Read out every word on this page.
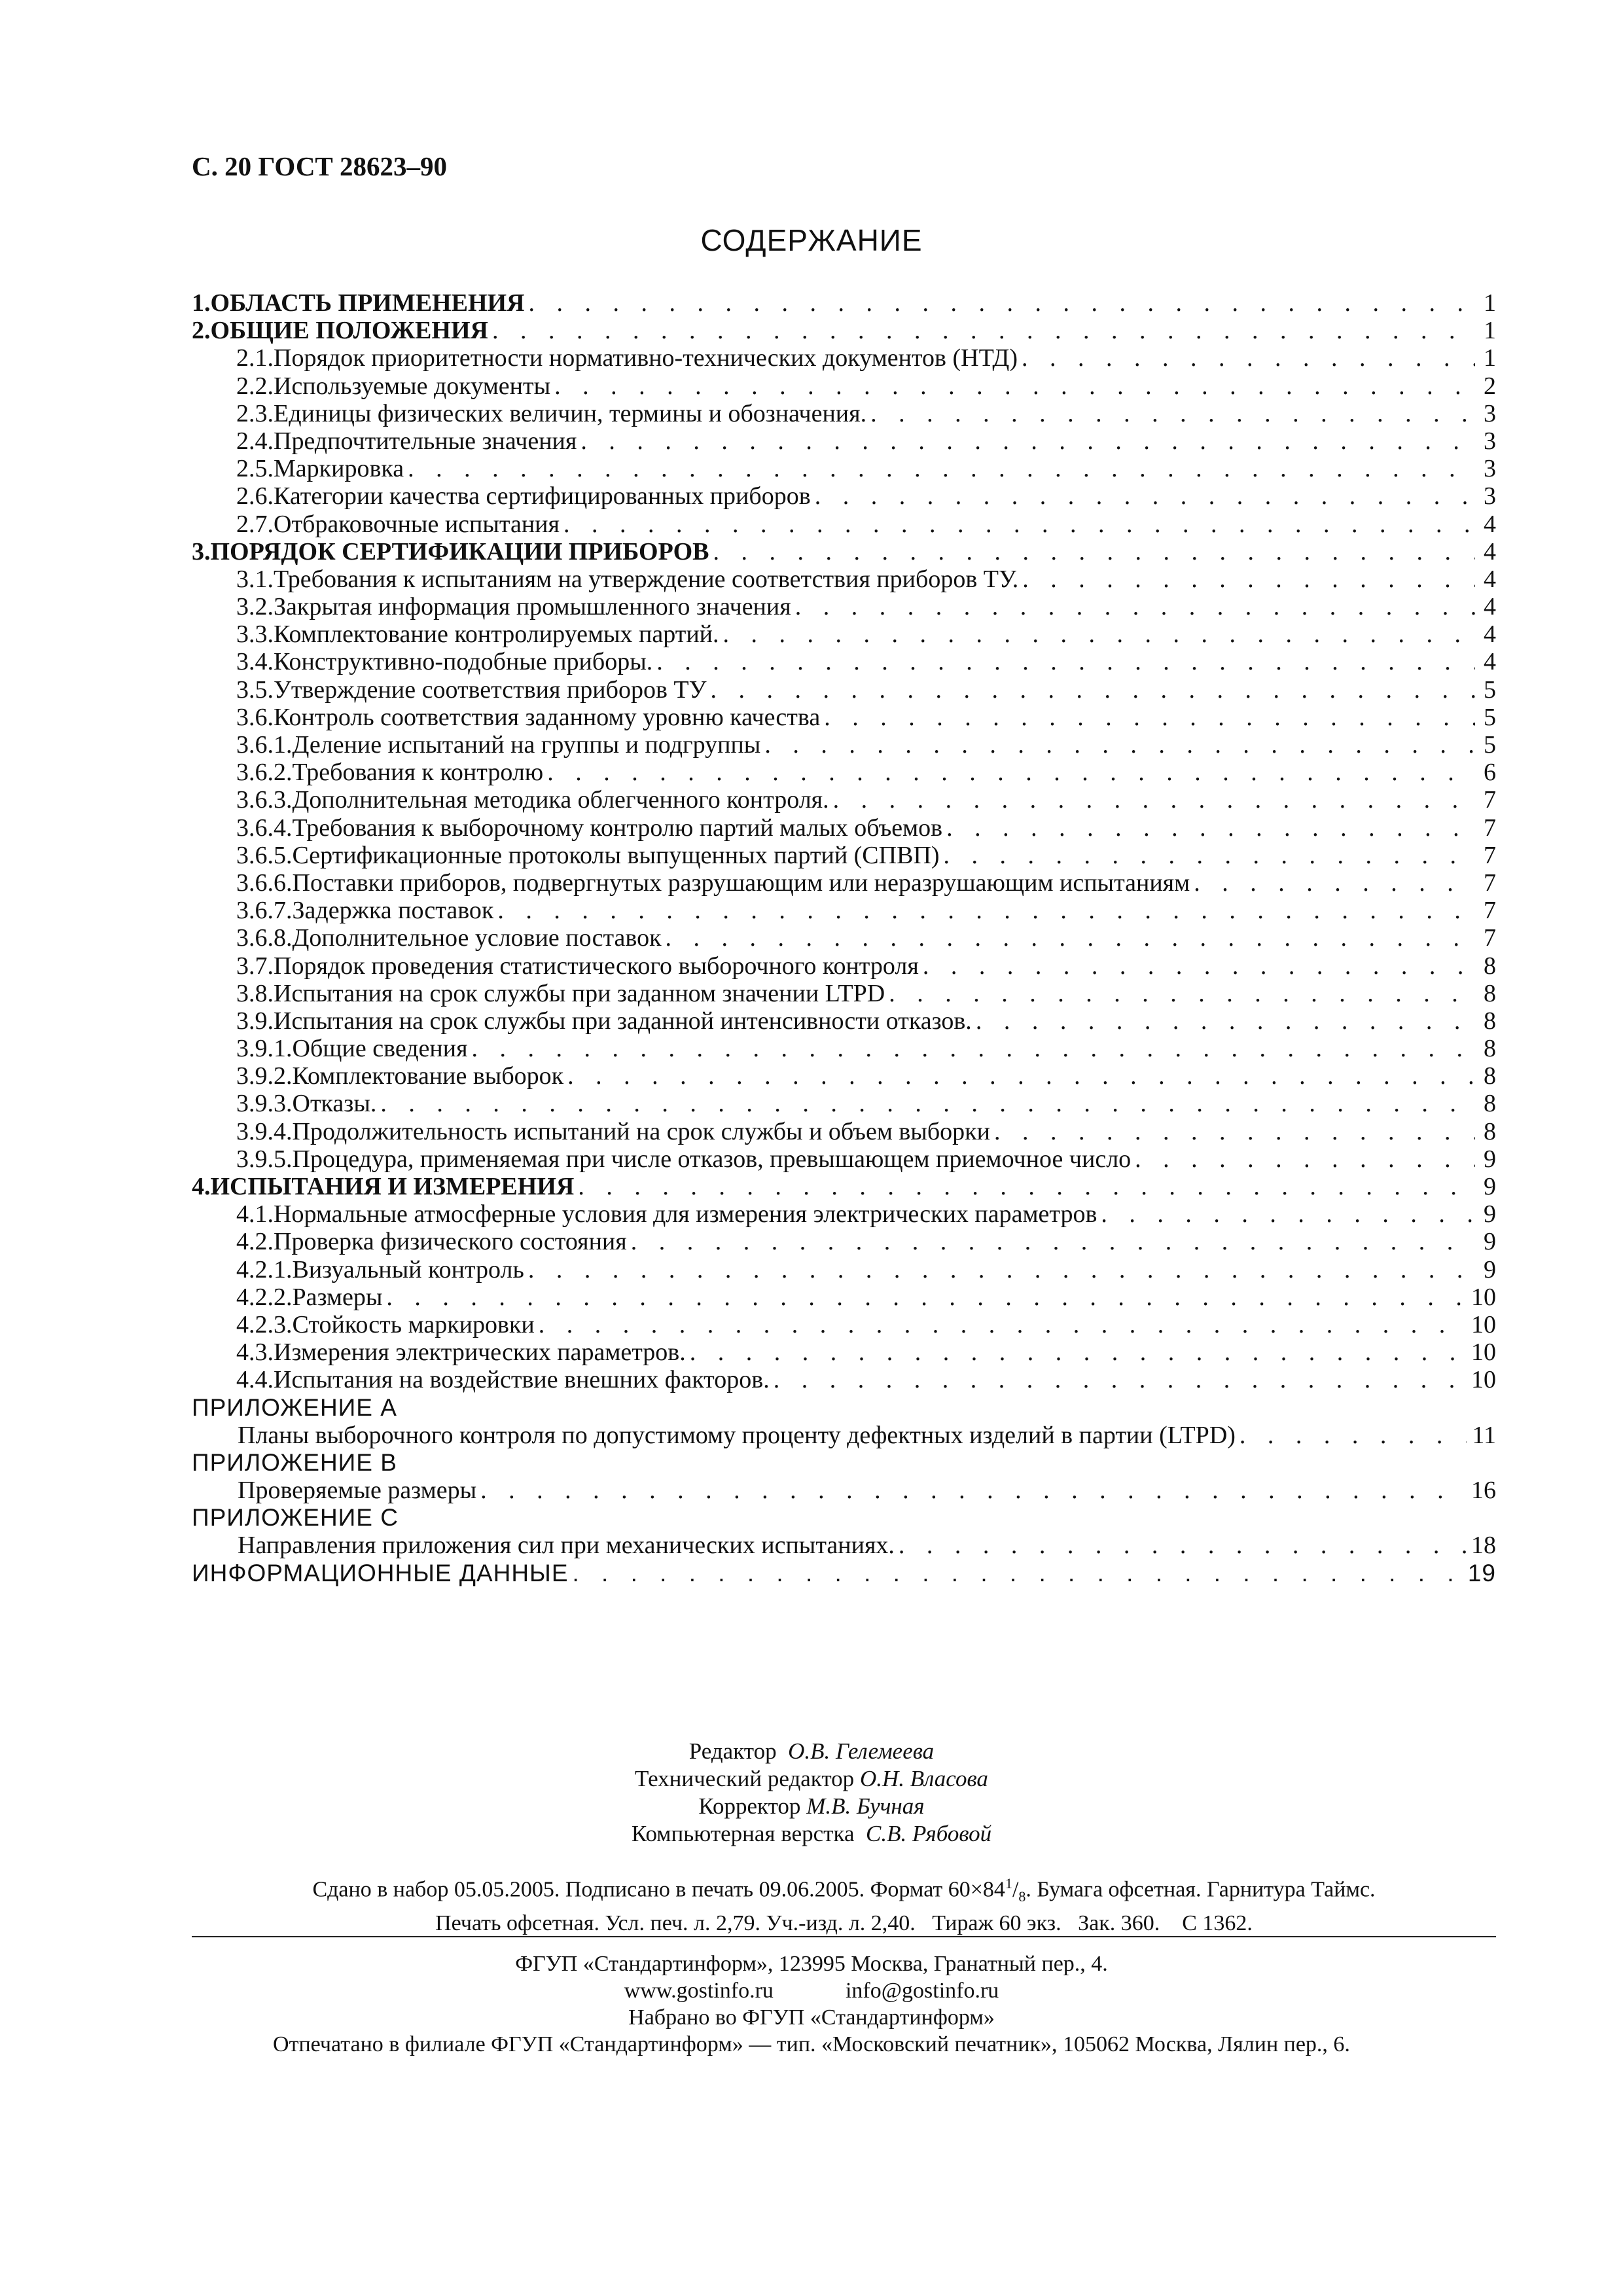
С. 20 ГОСТ 28623–90
СОДЕРЖАНИЕ
1. ОБЛАСТЬ ПРИМЕНЕНИЯ . . .	1
2. ОБЩИЕ ПОЛОЖЕНИЯ . . .	1
2.1. Порядок приоритетности нормативно-технических документов (НТД) . . .	1
2.2. Используемые документы . . .	2
2.3. Единицы физических величин, термины и обозначения. . . .	3
2.4. Предпочтительные значения . . .	3
2.5. Маркировка . . .	3
2.6. Категории качества сертифицированных приборов . . .	3
2.7. Отбраковочные испытания . . .	4
3. ПОРЯДОК СЕРТИФИКАЦИИ ПРИБОРОВ . . .	4
3.1. Требования к испытаниям на утверждение соответствия приборов ТУ. . . .	4
3.2. Закрытая информация промышленного значения . . .	4
3.3. Комплектование контролируемых партий. . . .	4
3.4. Конструктивно-подобные приборы. . . .	4
3.5. Утверждение соответствия приборов ТУ . . .	5
3.6. Контроль соответствия заданному уровню качества . . .	5
3.6.1. Деление испытаний на группы и подгруппы . . .	5
3.6.2. Требования к контролю . . .	6
3.6.3. Дополнительная методика облегченного контроля. . . .	7
3.6.4. Требования к выборочному контролю партий малых объемов . . .	7
3.6.5. Сертификационные протоколы выпущенных партий (СПВП) . . .	7
3.6.6. Поставки приборов, подвергнутых разрушающим или неразрушающим испытаниям . . .	7
3.6.7. Задержка поставок . . .	7
3.6.8. Дополнительное условие поставок . . .	7
3.7. Порядок проведения статистического выборочного контроля . . .	8
3.8. Испытания на срок службы при заданном значении LTPD . . .	8
3.9. Испытания на срок службы при заданной интенсивности отказов. . . .	8
3.9.1. Общие сведения . . .	8
3.9.2. Комплектование выборок . . .	8
3.9.3. Отказы. . . .	8
3.9.4. Продолжительность испытаний на срок службы и объем выборки . . .	8
3.9.5. Процедура, применяемая при числе отказов, превышающем приемочное число . . .	9
4. ИСПЫТАНИЯ И ИЗМЕРЕНИЯ . . .	9
4.1. Нормальные атмосферные условия для измерения электрических параметров . . .	9
4.2. Проверка физического состояния . . .	9
4.2.1. Визуальный контроль . . .	9
4.2.2. Размеры . . .	10
4.2.3. Стойкость маркировки . . .	10
4.3. Измерения электрических параметров. . . .	10
4.4. Испытания на воздействие внешних факторов. . . .	10
ПРИЛОЖЕНИЕ A
Планы выборочного контроля по допустимому проценту дефектных изделий в партии (LTPD) . . .	11
ПРИЛОЖЕНИЕ B
Проверяемые размеры . . .	16
ПРИЛОЖЕНИЕ C
Направления приложения сил при механических испытаниях. . . .	18
ИНФОРМАЦИОННЫЕ ДАННЫЕ . . .	19
Редактор О.В. Гелемеева
Технический редактор О.Н. Власова
Корректор М.В. Бучная
Компьютерная верстка С.В. Рябовой
Сдано в набор 05.05.2005. Подписано в печать 09.06.2005. Формат $60\times 84^1/_8$. Бумага офсетная. Гарнитура Таймс.
Печать офсетная. Усл. печ. л. 2,79. Уч.-изд. л. 2,40.   Тираж 60 экз.   Зак. 360.    С 1362.
ФГУП «Стандартинформ», 123995 Москва, Гранатный пер., 4.
www.gostinfo.ru	info@gostinfo.ru
Набрано во ФГУП «Стандартинформ»
Отпечатано в филиале ФГУП «Стандартинформ» — тип. «Московский печатник», 105062 Москва, Лялин пер., 6.
